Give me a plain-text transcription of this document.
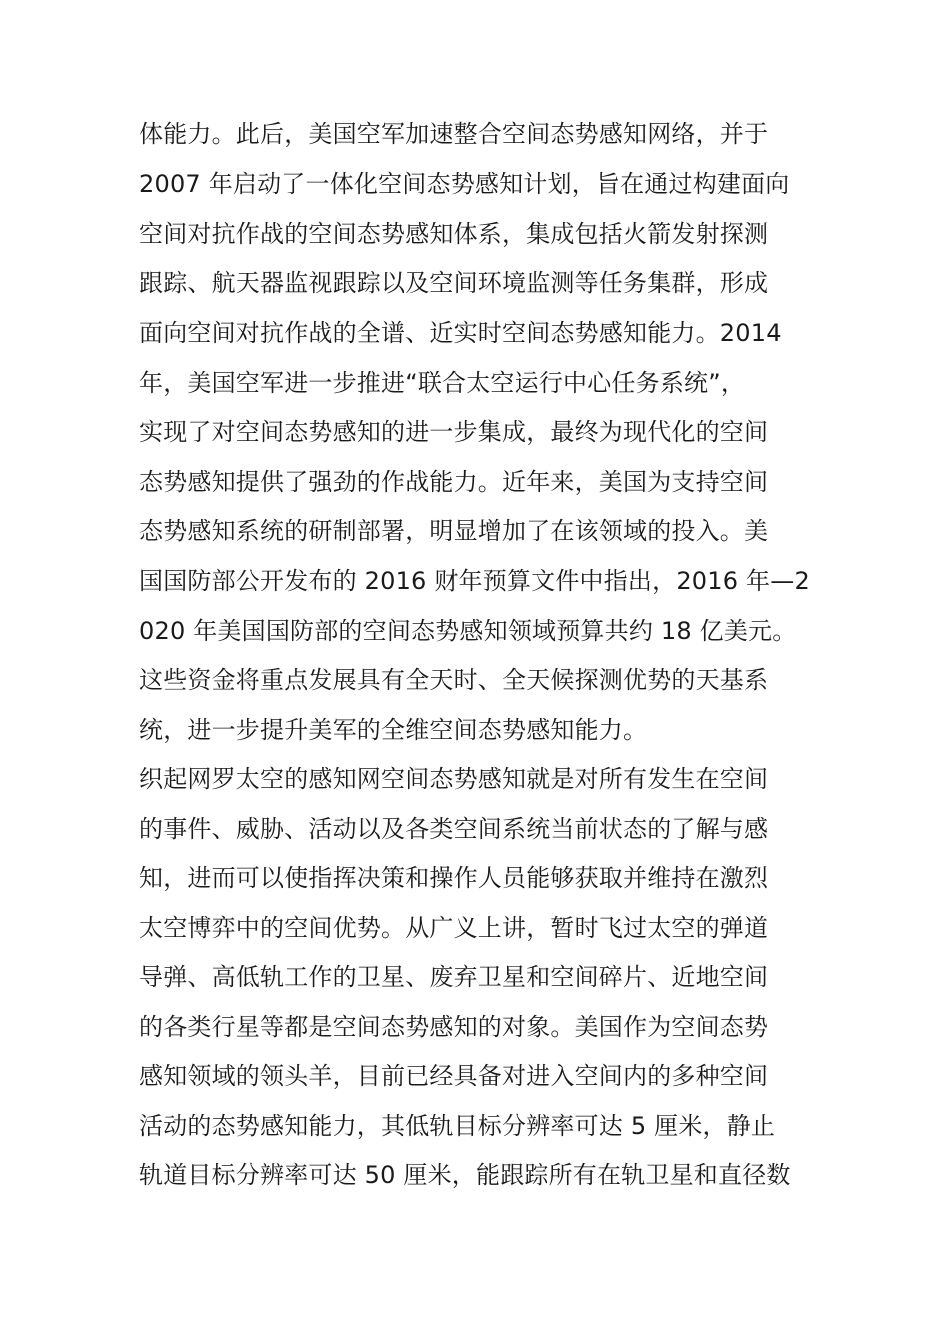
体能力。此后，美国空军加速整合空间态势感知网络，并于
2007 年启动了一体化空间态势感知计划，旨在通过构建面向
空间对抗作战的空间态势感知体系，集成包括火箭发射探测
跟踪、航天器监视跟踪以及空间环境监测等任务集群，形成
面向空间对抗作战的全谱、近实时空间态势感知能力。2014
年，美国空军进一步推进“联合太空运行中心任务系统”，
实现了对空间态势感知的进一步集成，最终为现代化的空间
态势感知提供了强劲的作战能力。近年来，美国为支持空间
态势感知系统的研制部署，明显增加了在该领域的投入。美
国国防部公开发布的 2016 财年预算文件中指出，2016 年—2
020 年美国国防部的空间态势感知领域预算共约 18 亿美元。
这些资金将重点发展具有全天时、全天候探测优势的天基系
统，进一步提升美军的全维空间态势感知能力。
织起网罗太空的感知网空间态势感知就是对所有发生在空间
的事件、威胁、活动以及各类空间系统当前状态的了解与感
知，进而可以使指挥决策和操作人员能够获取并维持在激烈
太空博弈中的空间优势。从广义上讲，暂时飞过太空的弹道
导弹、高低轨工作的卫星、废弃卫星和空间碎片、近地空间
的各类行星等都是空间态势感知的对象。美国作为空间态势
感知领域的领头羊，目前已经具备对进入空间内的多种空间
活动的态势感知能力，其低轨目标分辨率可达 5 厘米，静止
轨道目标分辨率可达 50 厘米，能跟踪所有在轨卫星和直径数
